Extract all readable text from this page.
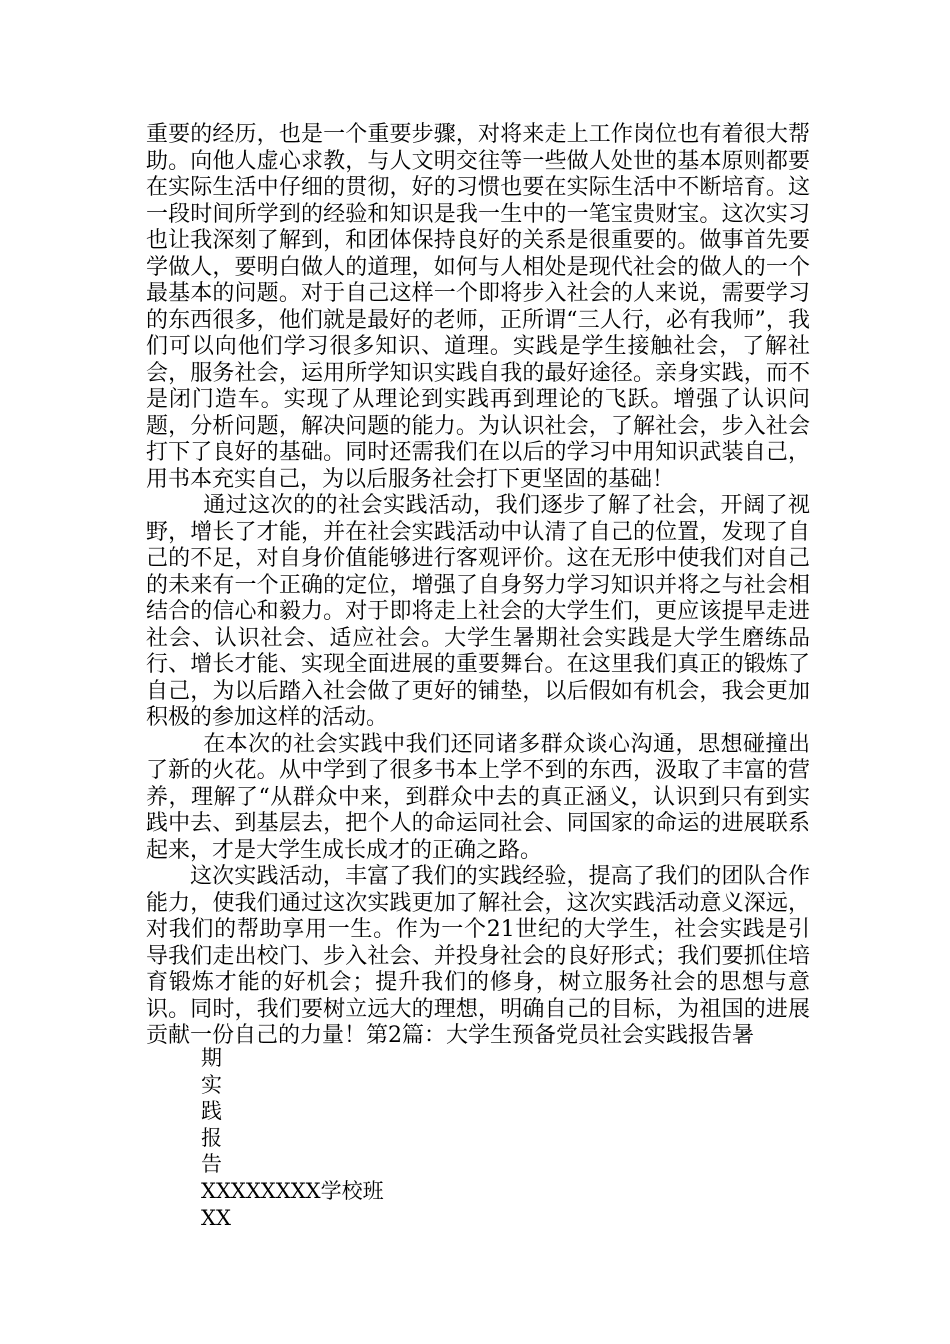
重要的经历，也是一个重要步骤，对将来走上工作岗位也有着很大帮助。向他人虚心求教，与人文明交往等一些做人处世的基本原则都要在实际生活中仔细的贯彻，好的习惯也要在实际生活中不断培育。这一段时间所学到的经验和知识是我一生中的一笔宝贵财宝。这次实习也让我深刻了解到，和团体保持良好的关系是很重要的。做事首先要学做人，要明白做人的道理，如何与人相处是现代社会的做人的一个最基本的问题。对于自己这样一个即将步入社会的人来说，需要学习的东西很多，他们就是最好的老师，正所谓“三人行，必有我师”，我们可以向他们学习很多知识、道理。实践是学生接触社会，了解社会，服务社会，运用所学知识实践自我的最好途径。亲身实践，而不是闭门造车。实现了从理论到实践再到理论的飞跃。增强了认识问题，分析问题，解决问题的能力。为认识社会，了解社会，步入社会打下了良好的基础。同时还需我们在以后的学习中用知识武装自己，用书本充实自己，为以后服务社会打下更坚固的基础！

通过这次的的社会实践活动，我们逐步了解了社会，开阔了视野，增长了才能，并在社会实践活动中认清了自己的位置，发现了自己的不足，对自身价值能够进行客观评价。这在无形中使我们对自己的未来有一个正确的定位，增强了自身努力学习知识并将之与社会相结合的信心和毅力。对于即将走上社会的大学生们，更应该提早走进社会、认识社会、适应社会。大学生暑期社会实践是大学生磨练品行、增长才能、实现全面进展的重要舞台。在这里我们真正的锻炼了自己，为以后踏入社会做了更好的铺垫，以后假如有机会，我会更加积极的参加这样的活动。

在本次的社会实践中我们还同诸多群众谈心沟通，思想碰撞出了新的火花。从中学到了很多书本上学不到的东西，汲取了丰富的营养，理解了“从群众中来，到群众中去的真正涵义，认识到只有到实践中去、到基层去，把个人的命运同社会、同国家的命运的进展联系起来，才是大学生成长成才的正确之路。

这次实践活动，丰富了我们的实践经验，提高了我们的团队合作能力，使我们通过这次实践更加了解社会，这次实践活动意义深远，对我们的帮助享用一生。作为一个21世纪的大学生，社会实践是引导我们走出校门、步入社会、并投身社会的良好形式；我们要抓住培育锻炼才能的好机会；提升我们的修身，树立服务社会的思想与意识。同时，我们要树立远大的理想，明确自己的目标，为祖国的进展贡献一份自己的力量！第2篇：大学生预备党员社会实践报告暑

期
实
践
报
告
XXXXXXXX学校班
XX
